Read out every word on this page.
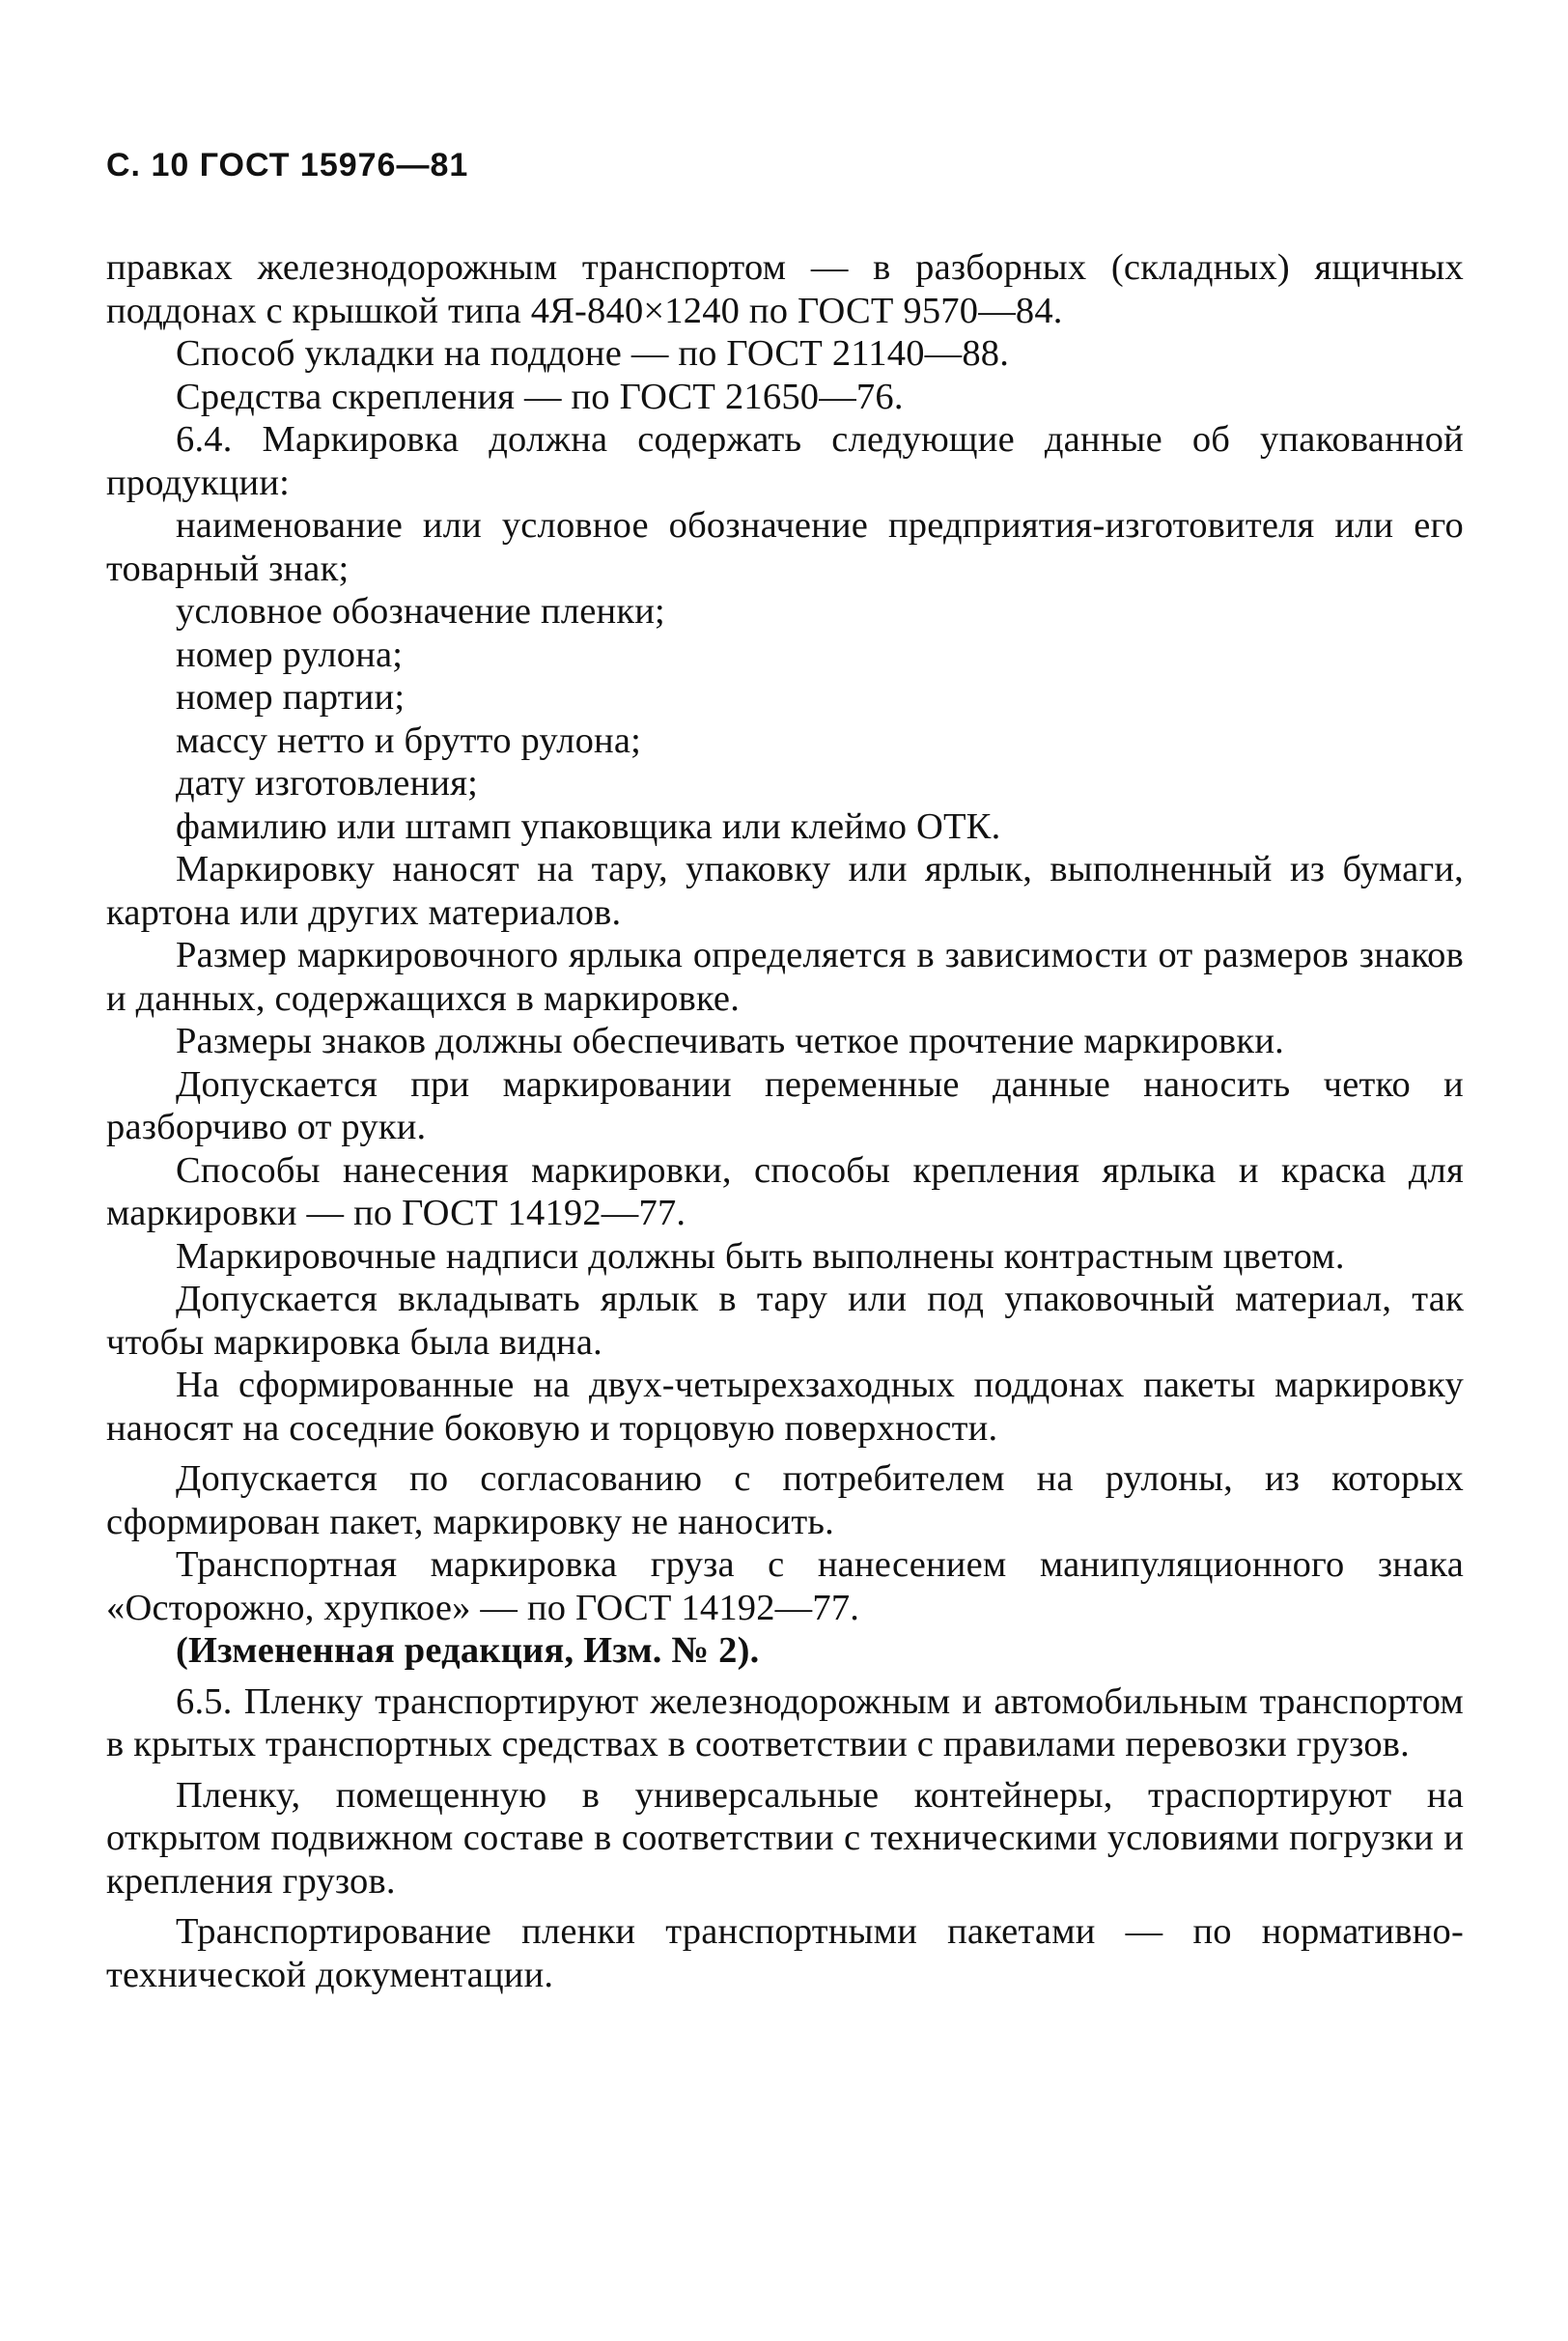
С. 10 ГОСТ 15976—81

правках железнодорожным транспортом — в разборных (складных) ящичных поддонах с крышкой типа 4Я-840×1240 по ГОСТ 9570—84.

Способ укладки на поддоне — по ГОСТ 21140—88.

Средства скрепления — по ГОСТ 21650—76.

6.4. Маркировка должна содержать следующие данные об упакованной продукции:

наименование или условное обозначение предприятия-изготовителя или его товарный знак;

условное обозначение пленки;

номер рулона;

номер партии;

массу нетто и брутто рулона;

дату изготовления;

фамилию или штамп упаковщика или клеймо ОТК.

Маркировку наносят на тару, упаковку или ярлык, выполненный из бумаги, картона или других материалов.

Размер маркировочного ярлыка определяется в зависимости от размеров знаков и данных, содержащихся в маркировке.

Размеры знаков должны обеспечивать четкое прочтение маркировки.

Допускается при маркировании переменные данные наносить четко и разборчиво от руки.

Способы нанесения маркировки, способы крепления ярлыка и краска для маркировки — по ГОСТ 14192—77.

Маркировочные надписи должны быть выполнены контрастным цветом.

Допускается вкладывать ярлык в тару или под упаковочный материал, так чтобы маркировка была видна.

На сформированные на двух-четырехзаходных поддонах пакеты маркировку наносят на соседние боковую и торцовую поверхности.

Допускается по согласованию с потребителем на рулоны, из которых сформирован пакет, маркировку не наносить.

Транспортная маркировка груза с нанесением манипуляционного знака «Осторожно, хрупкое» — по ГОСТ 14192—77.

(Измененная редакция, Изм. № 2).

6.5. Пленку транспортируют железнодорожным и автомобильным транспортом в крытых транспортных средствах в соответствии с правилами перевозки грузов.

Пленку, помещенную в универсальные контейнеры, траспортируют на открытом подвижном составе в соответствии с техническими условиями погрузки и крепления грузов.

Транспортирование пленки транспортными пакетами — по нормативно-технической документации.
